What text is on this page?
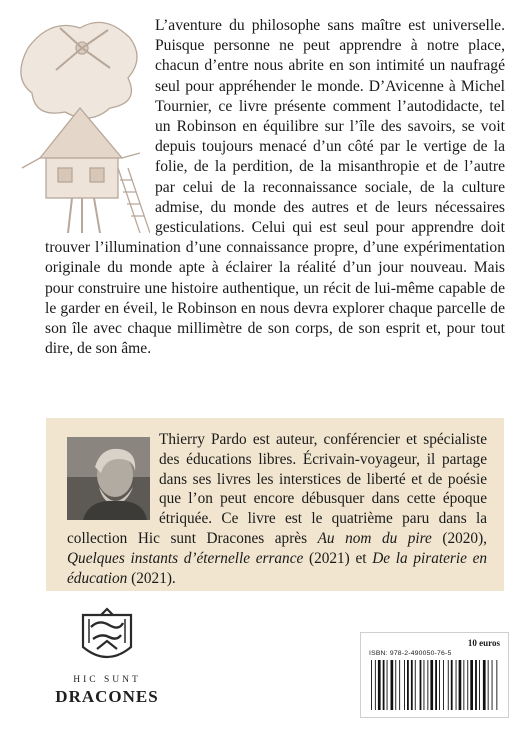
L’aventure du philosophe sans maître est universelle. Puisque personne ne peut apprendre à notre place, chacun d’entre nous abrite en son intimité un naufragé seul pour appréhender le monde. D’Avicenne à Michel Tournier, ce livre présente comment l’autodidacte, tel un Robinson en équilibre sur l’île des savoirs, se voit depuis toujours menacé d’un côté par le vertige de la folie, de la perdition, de la misanthropie et de l’autre par celui de la reconnaissance sociale, de la culture admise, du monde des autres et de leurs nécessaires gesticulations. Celui qui est seul pour apprendre doit trouver l’illumination d’une connaissance propre, d’une expérimentation originale du monde apte à éclairer la réalité d’un jour nouveau. Mais pour construire une histoire authentique, un récit de lui-même capable de le garder en éveil, le Robinson en nous devra explorer chaque parcelle de son île avec chaque millimètre de son corps, de son esprit et, pour tout dire, de son âme.

Thierry Pardo est auteur, conférencier et spécialiste des éducations libres. Écrivain-voyageur, il partage dans ses livres les interstices de liberté et de poésie que l’on peut encore débusquer dans cette époque étriquée. Ce livre est le quatrième paru dans la collection Hic sunt Dracones après Au nom du pire (2020), Quelques instants d’éternelle errance (2021) et De la piraterie en éducation (2021).

HIC SUNT
DRACONES
10 euros
ISBN: 978-2-490050-76-5
